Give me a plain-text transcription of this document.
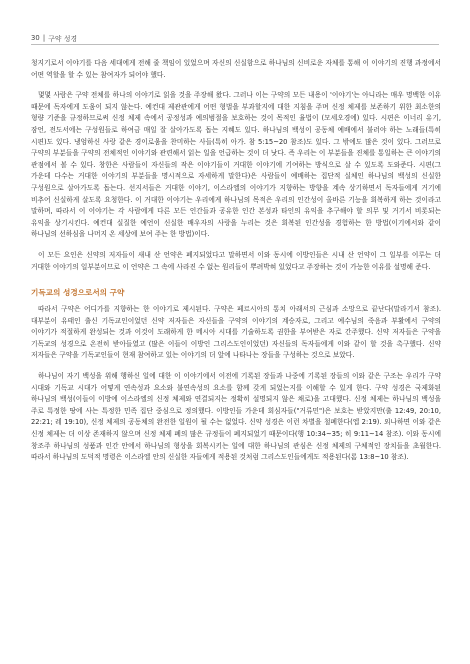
30 | 구약 성경

청지기로서 이야기를 다음 세대에게 전해 줄 책임이 있었으며 자신의 신실함으로 하나님의 신비로운 자체를 통해 이 이야기의 진행 과정에서 어떤 역할을 할 수 있는 참여자가 되어야 했다.

몇몇 사람은 구약 전체를 하나의 이야기로 읽을 것을 주장해 왔다. 그러나 이는 구약의 모든 내용이 '이야기'는 아니라는 매우 명백한 이유 때문에 독자에게 도움이 되지 않는다. 예컨대 제관관에게 어떤 형벌을 부과할지에 대한 지침을 주며 신정 체제를 보존하기 위한 최소한의 형량 기준을 규정하므로써 신정 체제 속에서 공정성과 예의범절을 보호하는 것이 목적인 율법이 (모세오경에) 있다. 시편은 이너리 유기, 잠언, 전도서에는 구성원들로 하여금 매일 잘 살아가도록 돕는 지혜도 있다. 하나님의 백성이 공동체 예배에서 불러야 하는 노래들(특히 시편)도 있다. 냉엄하신 사랑 같은 경이로움을 찬미하는 사들(특히 아가. 참 5:15~20 참조)도 있다. 그 밖에도 많은 것이 있다. 그러므로 구약의 부분들을 구약의 전체적인 이야기와 관련해서 읽는 일을 언급하는 것이 더 낫다. 즉 우리는 이 부분들을 진체를 통일하는 큰 이야기의 관점에서 볼 수 있다. 창한은 사람들이 자신들의 작은 이야기들이 거대한 이야기에 기여하는 방식으로 살 수 있도록 도와준다. 시편(그 가운데 다수는 거대한 이야기의 부분들을 명시적으로 자세하게 말한다)은 사람들이 예배하는 집단적 실체인 하나님의 백성의 신실한 구성원으로 살아가도록 돕는다. 선지서들은 거대한 이야기, 이스라엘의 이야기가 지향하는 방향을 계속 상기하면서 독자들에게 거기에 비추어 신실하게 살도록 요청한다. 이 거대한 이야기는 우리에게 하나님의 목적은 우리의 인간성이 올바른 기능을 회복하게 하는 것이라고 말하며, 따라서 이 이야기는 각 사람에게 다른 모든 인간들과 공유한 인간 본성과 타인의 유익을 추구해야 할 의무 및 거기서 비롯되는 유익을 상기시킨다. 예컨대 실질한 예언이 신실한 배우자의 사랑을 누리는 것은 회복된 인간성을 경험하는 한 방법(이기에서와 같이 하나님의 선하심을 나머지 온 세상에 보여 주는 한 방법)이다.

이 모든 요인은 신약의 저자들이 새내 산 언약은 폐지되었다고 말하면서 이와 동시에 이방인들은 시내 산 언약이 그 일부를 이루는 더 거대한 이야기의 일부분이므로 이 언약은 그 속에 사라진 수 없는 원리들이 뿌려박혀 있었다고 주장하는 것이 가능한 이유를 설명해 준다.

기독교의 성경으로서의 구약

따라서 구약은 어디가를 지향하는 한 이야기로 제시된다. 구약은 페르시아의 통치 아래서의 근심과 소망으로 끝난다(말라기서 참조). 대부분이 유태인 출신 기독교인이었던 신약 저자들은 자신들을 구약의 이야기의 계승자로, 그리고 예수님의 죽음과 부활에서 구약의 이야기가 적절하게 완성되는 것과 이것이 도래하게 한 메시아 시대를 기술하도록 권한을 부여받은 자로 간주했다. 신약 저자들은 구약을 기독교의 성경으로 온전히 받아들였고 (많은 이들이 이방인 그리스도인이었던) 자신들의 독자들에게 이와 같이 할 것을 촉구했다. 신약 저자들은 구약을 기독교인들이 현재 참여하고 있는 이야기의 더 앞에 나타나는 장들을 구성하는 것으로 보았다.

하나님이 자기 백성을 위해 행하신 일에 대한 이 이야기에서 이전에 기록된 장들과 나중에 기록된 장들의 이와 같은 구조는 우리가 구약 시대와 기독교 시대가 어떻게 연속성과 요소와 불연속성의 요소를 함께 갖게 되었는지를 이해할 수 있게 한다. 구약 성경은 국제화된 하나님의 백성(이들이 이방에 이스라엘의 신정 체제와 연결되지는 정확히 설명되지 않은 채로)을 고대했다. 신정 체제는 하나님의 백성을 주로 특정한 땅에 사는 특정한 민족 집단 중심으로 정의했다. 이방인들 가운데 회심자들("거류민")은 보호는 받았지만(출 12:49, 20:10, 22:21; 레 19:10), 신정 체제의 공동체의 완전한 일원이 될 수는 없었다. 신약 성경은 이런 차별을 철폐한다(엡 2:19). 외나하면 이와 같은 신정 체제는 더 이상 존재하지 않으며 신정 체제 폐의 많은 규정들이 폐지되었기 때문이다(행 10:34~35; 히 9:11~14 참조). 이와 동시에 창조주 하나님의 성품과 인간 안에서 하나님의 형상을 회복시키는 일에 대한 하나님의 관심은 신정 체제의 구체적인 장치들을 초월한다. 따라서 하나님의 도덕적 명령은 이스라엘 안의 신실한 자들에게 적용된 것처럼 그리스도인들에게도 적용된다(롬 13:8~10 참조).
